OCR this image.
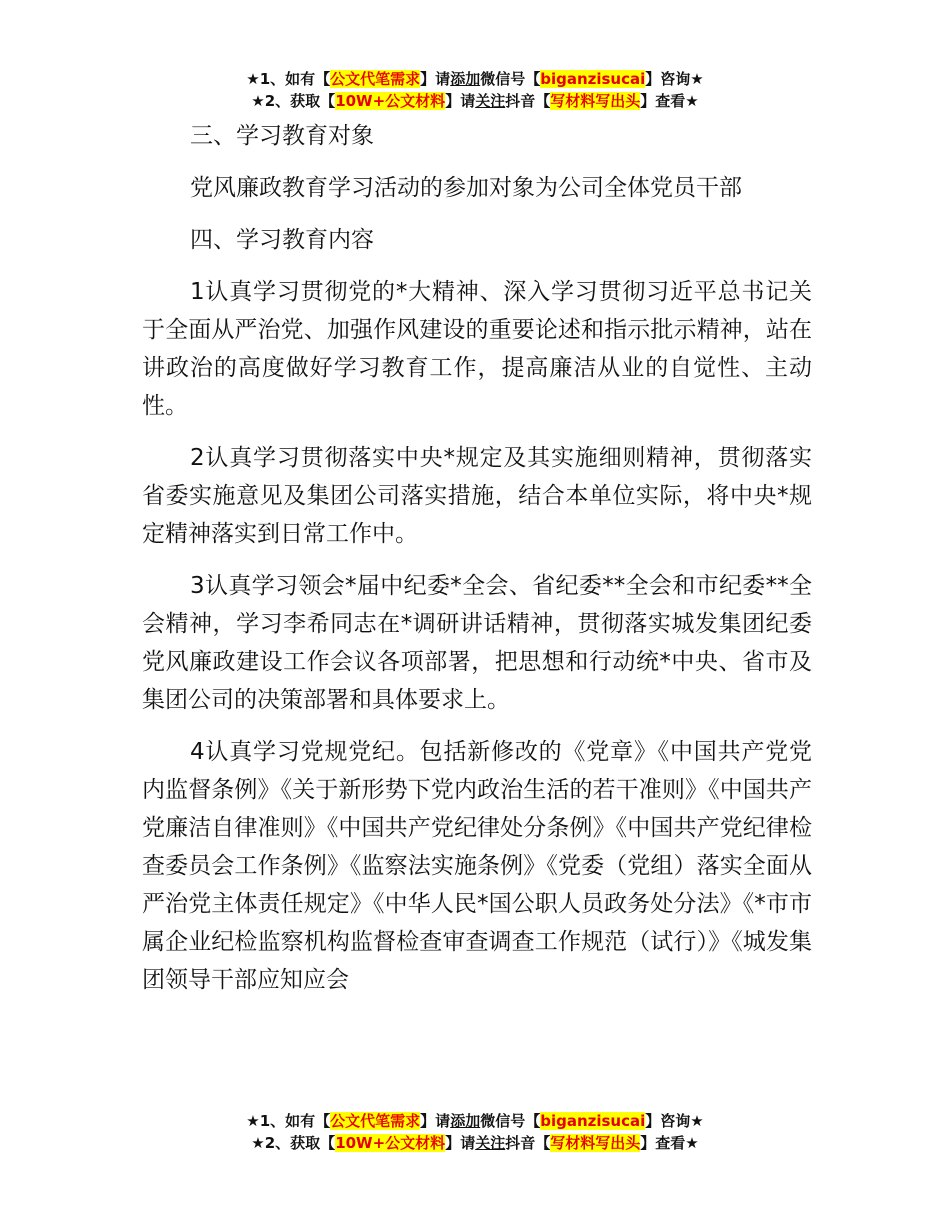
★1、如有【公文代笔需求】请添加微信号【biganzisucai】咨询★
★2、获取【10W+公文材料】请关注抖音【写材料写出头】查看★
三、学习教育对象
党风廉政教育学习活动的参加对象为公司全体党员干部
四、学习教育内容

1认真学习贯彻党的*大精神、深入学习贯彻习近平总书记关于全面从严治党、加强作风建设的重要论述和指示批示精神，站在讲政治的高度做好学习教育工作，提高廉洁从业的自觉性、主动性。

2认真学习贯彻落实中央*规定及其实施细则精神，贯彻落实省委实施意见及集团公司落实措施，结合本单位实际，将中央*规定精神落实到日常工作中。

3认真学习领会*届中纪委*全会、省纪委**全会和市纪委**全会精神，学习李希同志在*调研讲话精神，贯彻落实城发集团纪委党风廉政建设工作会议各项部署，把思想和行动统*中央、省市及集团公司的决策部署和具体要求上。

4认真学习党规党纪。包括新修改的《党章》《中国共产党党内监督条例》《关于新形势下党内政治生活的若干准则》《中国共产党廉洁自律准则》《中国共产党纪律处分条例》《中国共产党纪律检查委员会工作条例》《监察法实施条例》《党委（党组）落实全面从严治党主体责任规定》《中华人民*国公职人员政务处分法》《*市市属企业纪检监察机构监督检查审查调查工作规范（试行）》《城发集团领导干部应知应会

★1、如有【公文代笔需求】请添加微信号【biganzisucai】咨询★
★2、获取【10W+公文材料】请关注抖音【写材料写出头】查看★
